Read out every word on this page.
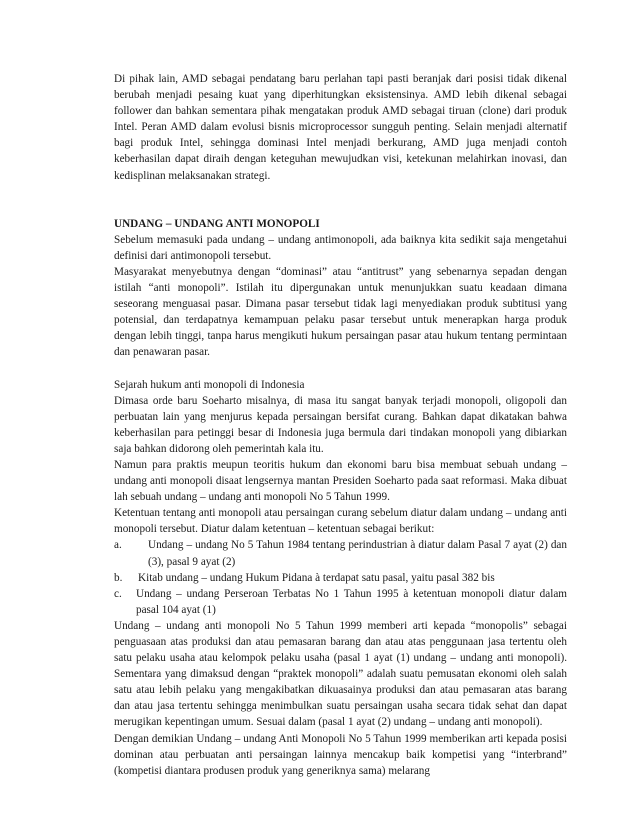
Di pihak lain, AMD sebagai pendatang baru perlahan tapi pasti beranjak dari posisi tidak dikenal berubah menjadi pesaing kuat yang diperhitungkan eksistensinya. AMD lebih dikenal sebagai follower dan bahkan sementara pihak mengatakan produk AMD sebagai tiruan (clone) dari produk Intel. Peran AMD dalam evolusi bisnis microprocessor sungguh penting. Selain menjadi alternatif bagi produk Intel, sehingga dominasi Intel menjadi berkurang, AMD juga menjadi contoh keberhasilan dapat diraih dengan keteguhan mewujudkan visi, ketekunan melahirkan inovasi, dan kedisplinan melaksanakan strategi.

UNDANG – UNDANG ANTI MONOPOLI

Sebelum memasuki pada undang – undang antimonopoli, ada baiknya kita sedikit saja mengetahui definisi dari antimonopoli tersebut.

Masyarakat menyebutnya dengan “dominasi” atau “antitrust” yang sebenarnya sepadan dengan istilah “anti monopoli”. Istilah itu dipergunakan untuk menunjukkan suatu keadaan dimana seseorang menguasai pasar. Dimana pasar tersebut tidak lagi menyediakan produk subtitusi yang potensial, dan terdapatnya kemampuan pelaku pasar tersebut untuk menerapkan harga produk dengan lebih tinggi, tanpa harus mengikuti hukum persaingan pasar atau hukum tentang permintaan dan penawaran pasar.

Sejarah hukum anti monopoli di Indonesia

Dimasa orde baru Soeharto misalnya, di masa itu sangat banyak terjadi monopoli, oligopoli dan perbuatan lain yang menjurus kepada persaingan bersifat curang. Bahkan dapat dikatakan bahwa keberhasilan para petinggi besar di Indonesia juga bermula dari tindakan monopoli yang dibiarkan saja bahkan didorong oleh pemerintah kala itu.

Namun para praktis meupun teoritis hukum dan ekonomi baru bisa membuat sebuah undang – undang anti monopoli disaat lengsernya mantan Presiden Soeharto pada saat reformasi. Maka dibuat lah sebuah undang – undang anti monopoli No 5 Tahun 1999.

Ketentuan tentang anti monopoli atau persaingan curang sebelum diatur dalam undang – undang anti monopoli tersebut. Diatur dalam ketentuan – ketentuan sebagai berikut:

a.	Undang – undang No 5 Tahun 1984 tentang perindustrian à diatur dalam Pasal 7 ayat (2) dan (3), pasal 9 ayat (2)
b.	Kitab undang – undang Hukum Pidana à terdapat satu pasal, yaitu pasal 382 bis
c.	Undang – undang Perseroan Terbatas No 1 Tahun 1995 à ketentuan monopoli diatur dalam pasal 104 ayat (1)

Undang – undang anti monopoli No 5 Tahun 1999 memberi arti kepada “monopolis” sebagai penguasaan atas produksi dan atau pemasaran barang dan atau atas penggunaan jasa tertentu oleh satu pelaku usaha atau kelompok pelaku usaha (pasal 1 ayat (1) undang – undang anti monopoli). Sementara yang dimaksud dengan “praktek monopoli” adalah suatu pemusatan ekonomi oleh salah satu atau lebih pelaku yang mengakibatkan dikuasainya produksi dan atau pemasaran atas barang dan atau jasa tertentu sehingga menimbulkan suatu persaingan usaha secara tidak sehat dan dapat merugikan kepentingan umum. Sesuai dalam (pasal 1 ayat (2) undang – undang anti monopoli).

Dengan demikian Undang – undang Anti Monopoli No 5 Tahun 1999 memberikan arti kepada posisi dominan atau perbuatan anti persaingan lainnya mencakup baik kompetisi yang “interbrand” (kompetisi diantara produsen produk yang generiknya sama) melarang
